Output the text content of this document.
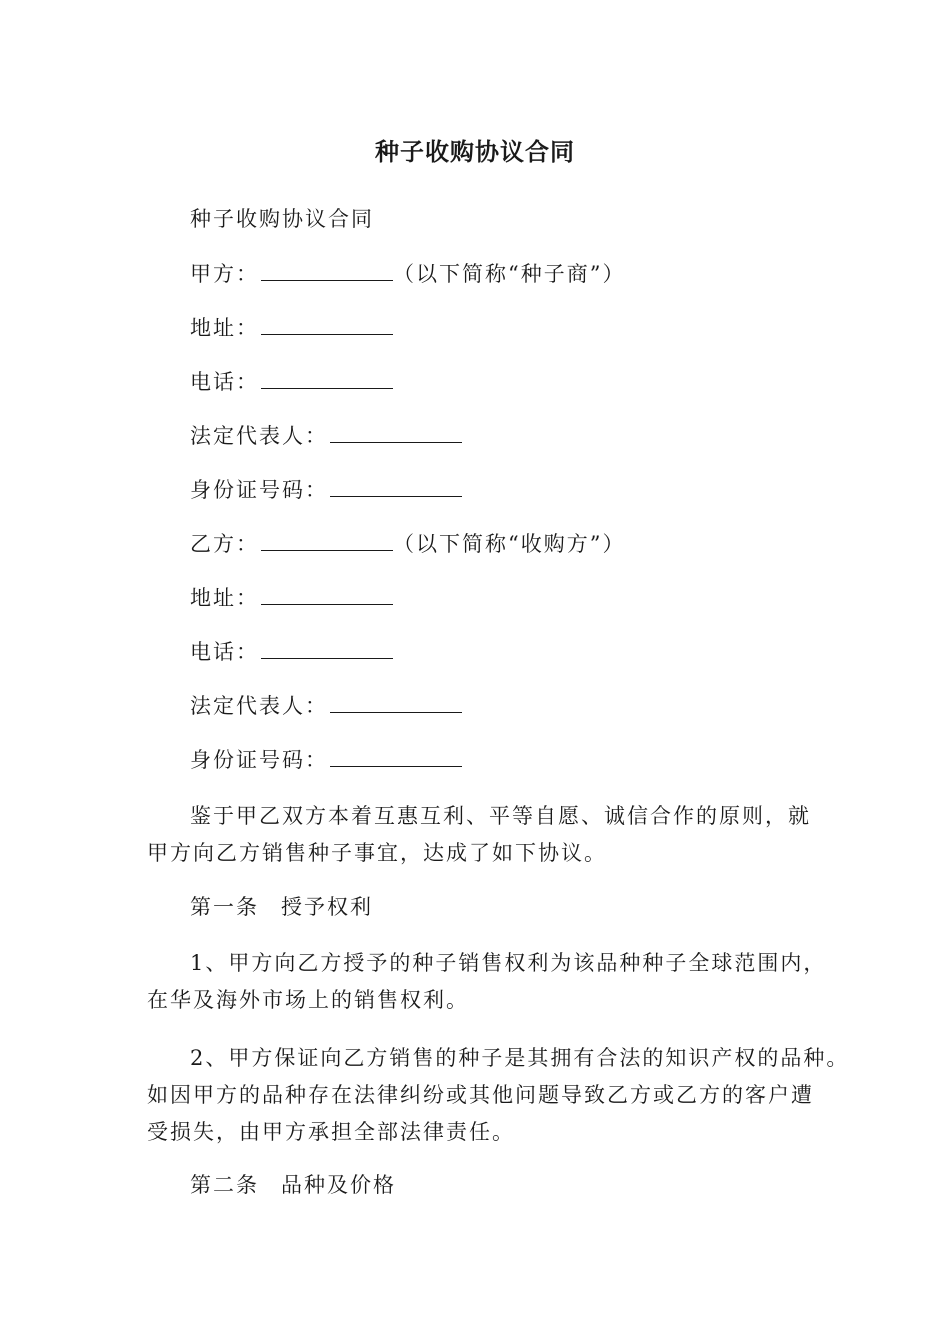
种子收购协议合同
种子收购协议合同
甲方：	（以下简称“种子商”）
地址：
电话：
法定代表人：
身份证号码：
乙方：	（以下简称“收购方”）
地址：
电话：
法定代表人：
身份证号码：
鉴于甲乙双方本着互惠互利、平等自愿、诚信合作的原则，就
甲方向乙方销售种子事宜，达成了如下协议。
第一条 授予权利
1、甲方向乙方授予的种子销售权利为该品种种子全球范围内，
在华及海外市场上的销售权利。
2、甲方保证向乙方销售的种子是其拥有合法的知识产权的品种。
如因甲方的品种存在法律纠纷或其他问题导致乙方或乙方的客户遭
受损失，由甲方承担全部法律责任。
第二条 品种及价格
